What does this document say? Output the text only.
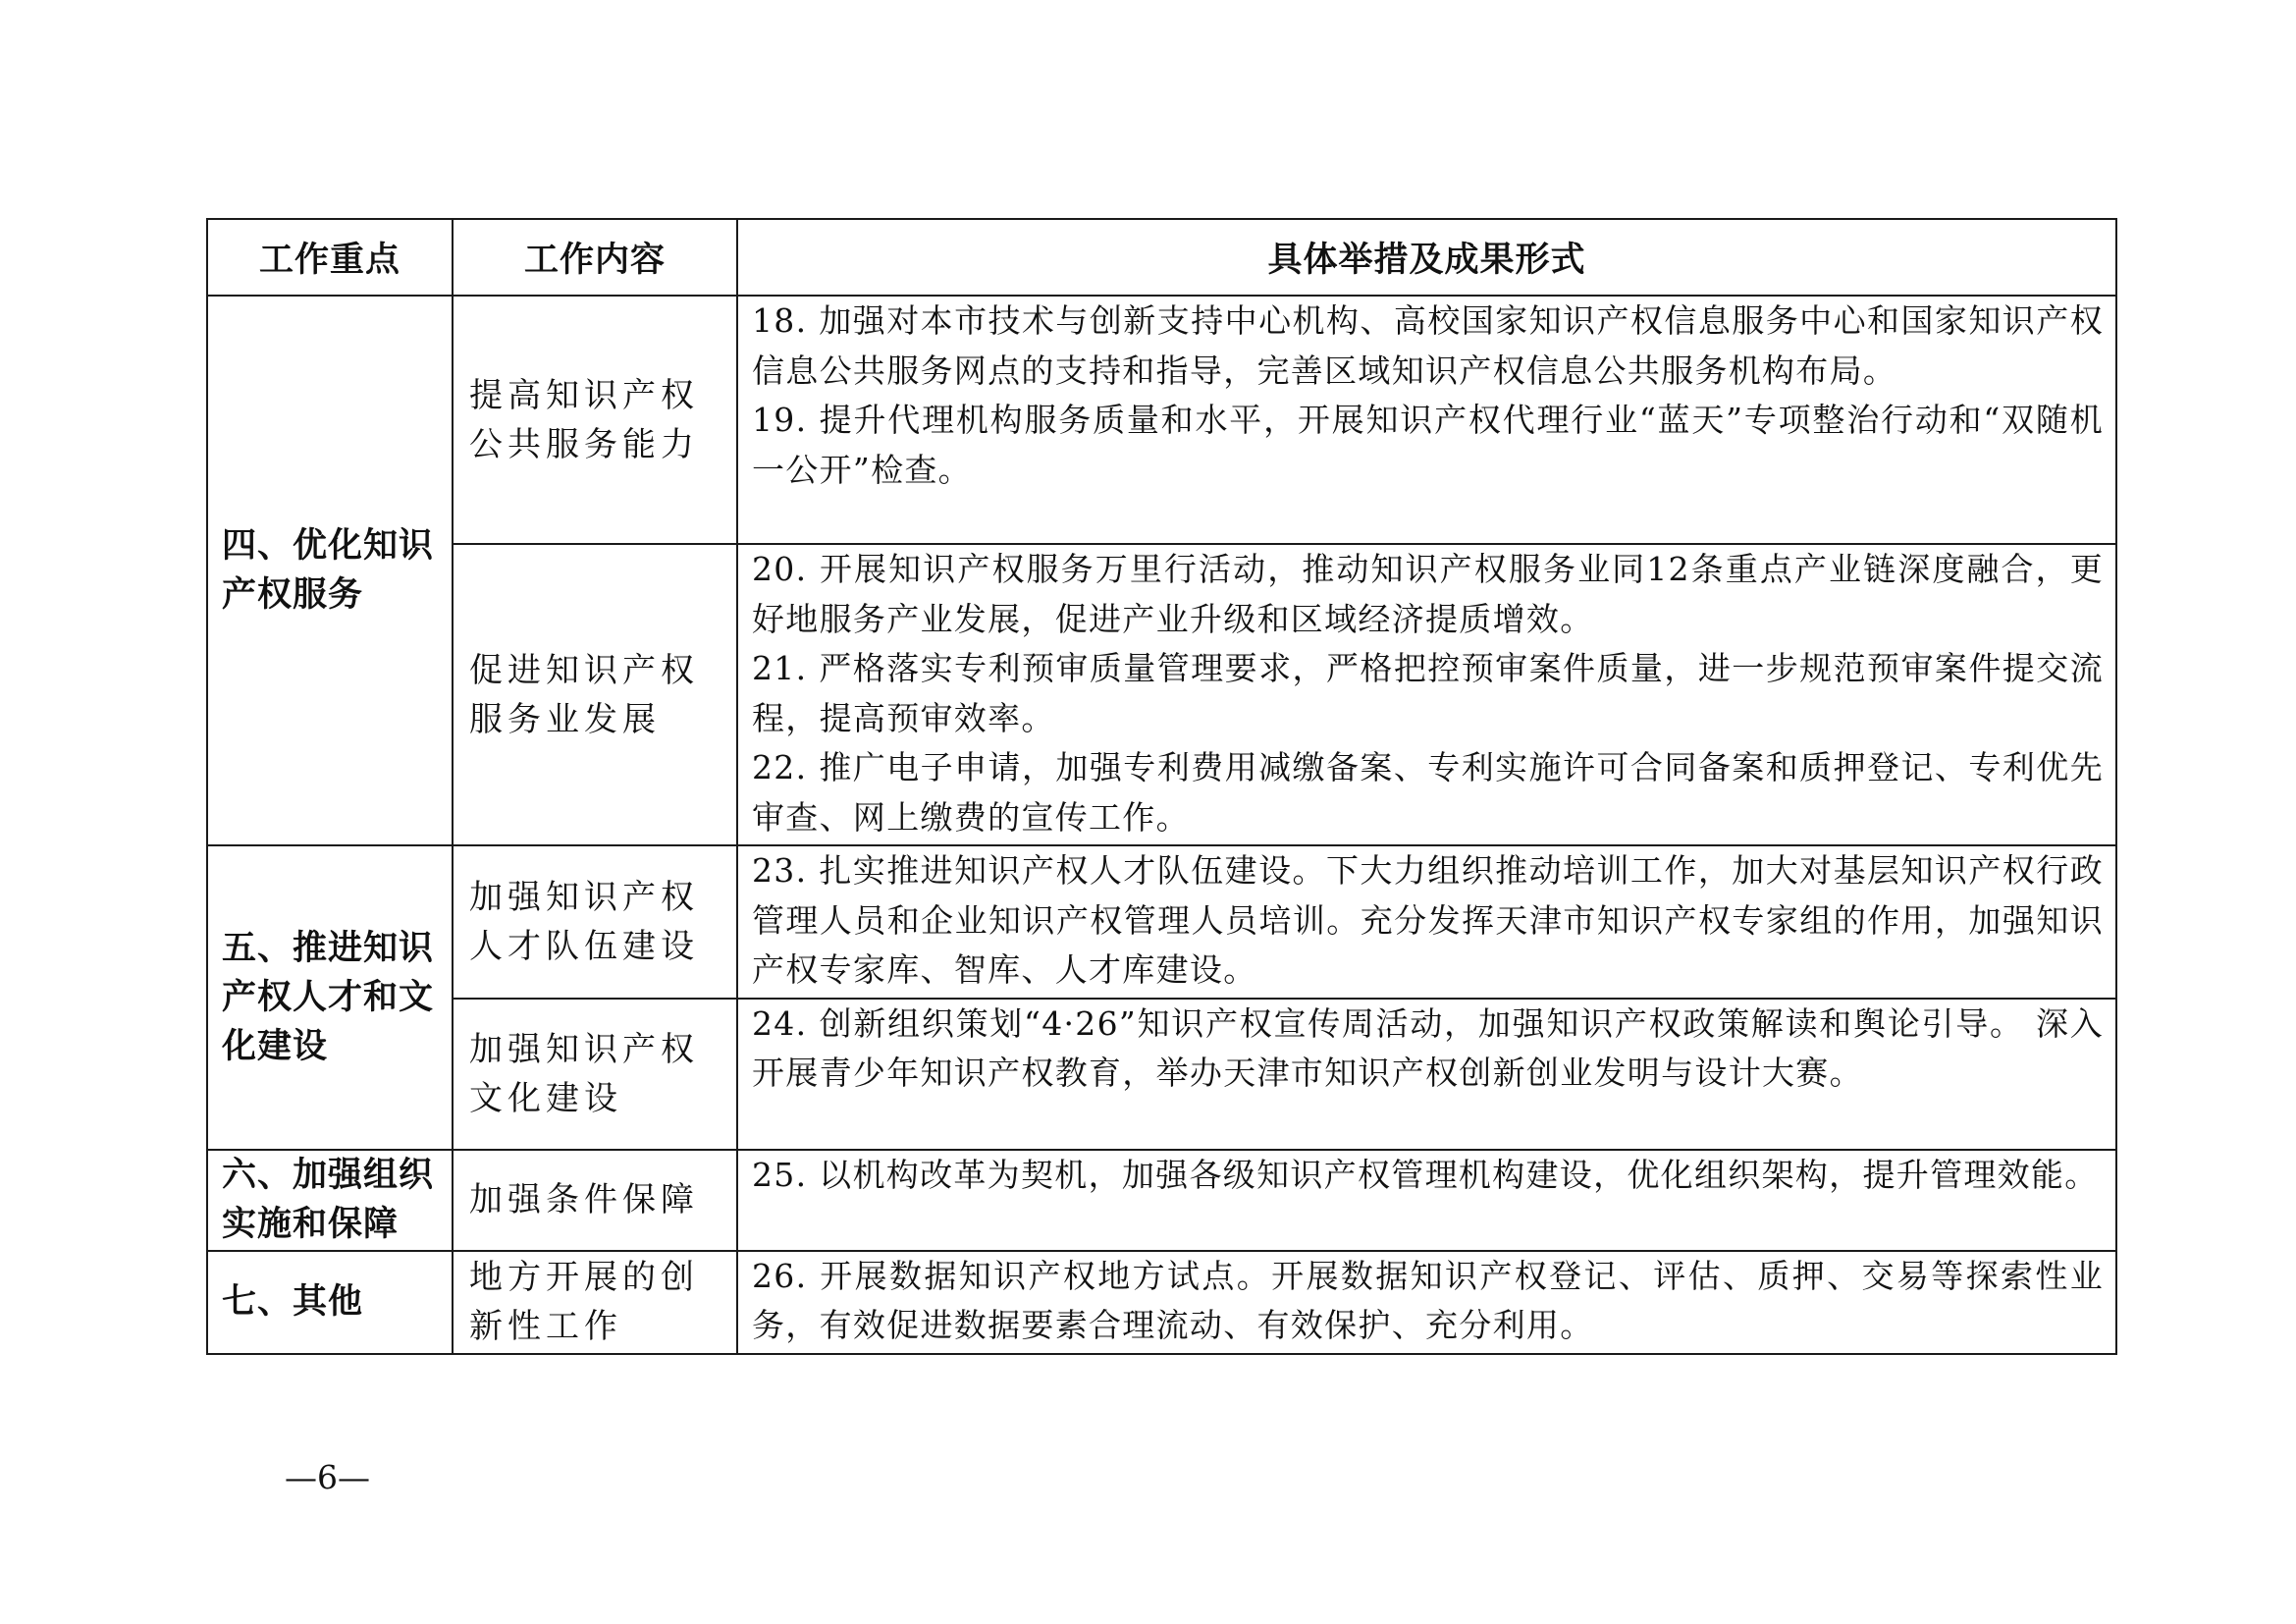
工作重点	工作内容	具体举措及成果形式
四、优化知识产权服务	提高知识产权公共服务能力	18. 加强对本市技术与创新支持中心机构、高校国家知识产权信息服务中心和国家知识产权信息公共服务网点的支持和指导，完善区域知识产权信息公共服务机构布局。

19. 提升代理机构服务质量和水平，开展知识产权代理行业“蓝天”专项整治行动和“双随机一公开”检查。

	促进知识产权服务业发展	20. 开展知识产权服务万里行活动，推动知识产权服务业同12条重点产业链深度融合，更好地服务产业发展，促进产业升级和区域经济提质增效。

21. 严格落实专利预审质量管理要求，严格把控预审案件质量，进一步规范预审案件提交流程，提高预审效率。

22. 推广电子申请，加强专利费用减缴备案、专利实施许可合同备案和质押登记、专利优先审查、网上缴费的宣传工作。

五、推进知识产权人才和文化建设	加强知识产权人才队伍建设	23. 扎实推进知识产权人才队伍建设。下大力组织推动培训工作，加大对基层知识产权行政管理人员和企业知识产权管理人员培训。充分发挥天津市知识产权专家组的作用，加强知识产权专家库、智库、人才库建设。

	加强知识产权文化建设	24. 创新组织策划“4·26”知识产权宣传周活动，加强知识产权政策解读和舆论引导。 深入开展青少年知识产权教育，举办天津市知识产权创新创业发明与设计大赛。

六、加强组织实施和保障	加强条件保障	25. 以机构改革为契机，加强各级知识产权管理机构建设，优化组织架构，提升管理效能。

七、其他	地方开展的创新性工作	26. 开展数据知识产权地方试点。开展数据知识产权登记、评估、质押、交易等探索性业务，有效促进数据要素合理流动、有效保护、充分利用。

—6—
